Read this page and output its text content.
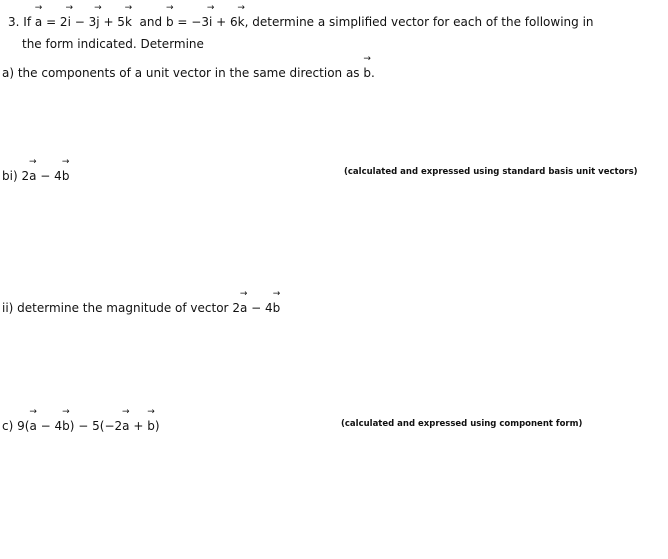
3. If → a = 2→ i − 3→ j + 5→ k and → b = −3→ i + 6→ k, determine a simplified vector for each of the following in
the form indicated. Determine
a) the components of a unit vector in the same direction as → b.
bi) 2→ a − 4→ b	(calculated and expressed using standard basis unit vectors)
ii) determine the magnitude of vector 2→ a − 4→ b
c) 9(→ a − 4→ b) − 5(−2→ a + → b)	(calculated and expressed using component form)
